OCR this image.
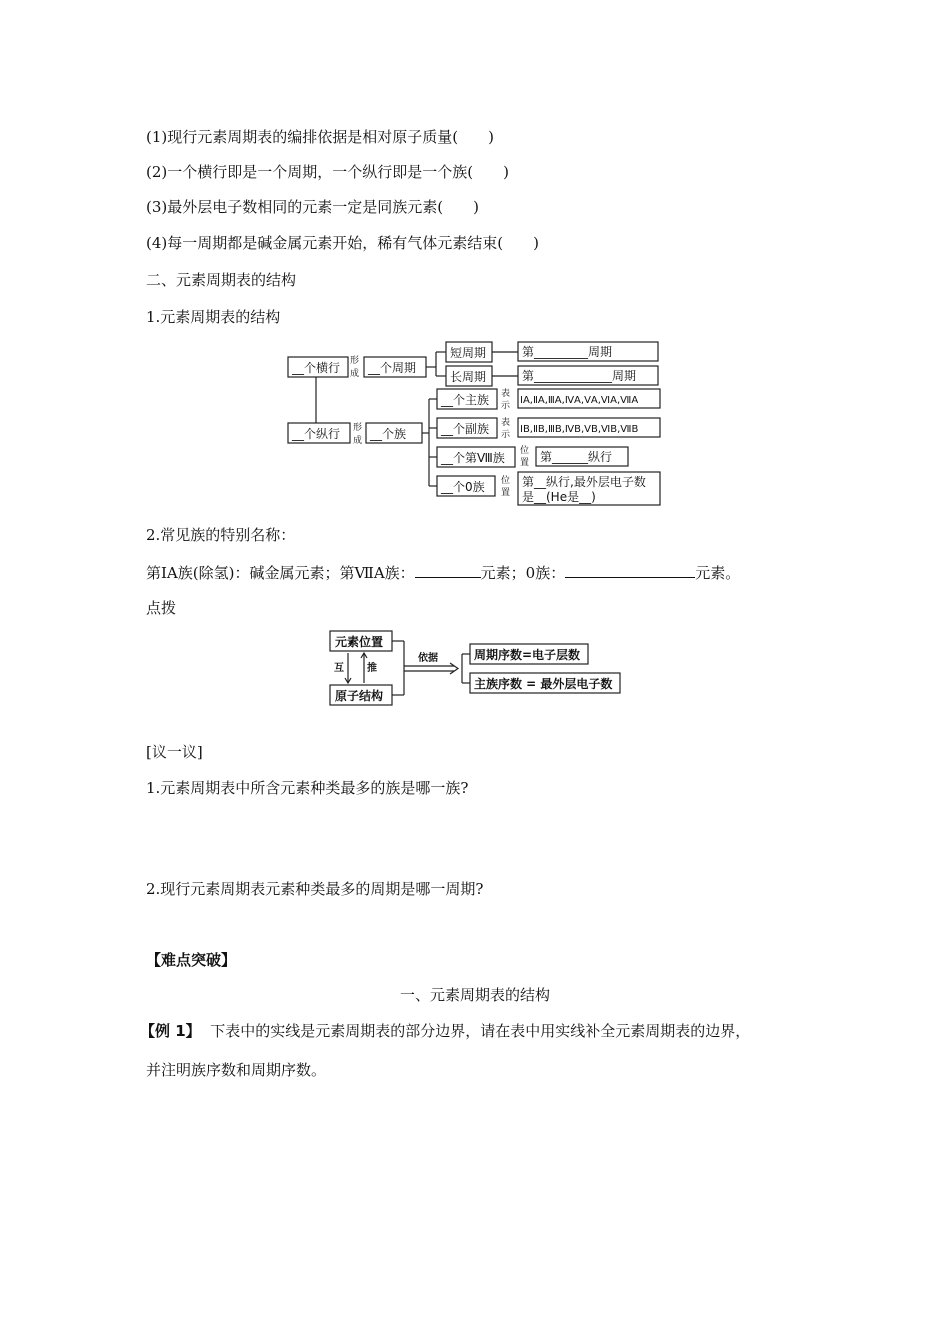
(1)现行元素周期表的编排依据是相对原子质量(　　)
(2)一个横行即是一个周期，一个纵行即是一个族(　　)
(3)最外层电子数相同的元素一定是同族元素(　　)
(4)每一周期都是碱金属元素开始，稀有气体元素结束(　　)
二、元素周期表的结构
1.元素周期表的结构
__个横行 __个周期
短周期
长周期
第_________周期
第_____________周期
__个纵行 __个族
__个主族
__个副族
__个第Ⅷ族
__个0族
第______纵行
第__纵行,最外层电子数
是__(He是__)
ⅠA,ⅡA,ⅢA,ⅣA,ⅤA,ⅥA,ⅦA
ⅠB,ⅡB,ⅢB,ⅣB,ⅤB,ⅥB,ⅦB
形
成
形
成
表
示
表
示
位
置
位
置
2.常见族的特别名称：
第ⅠA族(除氢)：碱金属元素；第ⅦA族：	元素；0族：	元素。
点拨
元素位置
原子结构
周期序数=电子层数
主族序数 = 最外层电子数
互 推
依据
[议一议]
1.元素周期表中所含元素种类最多的族是哪一族?
2.现行元素周期表元素种类最多的周期是哪一周期?
【难点突破】
一、元素周期表的结构
【例 1】 下表中的实线是元素周期表的部分边界，请在表中用实线补全元素周期表的边界，
并注明族序数和周期序数。
